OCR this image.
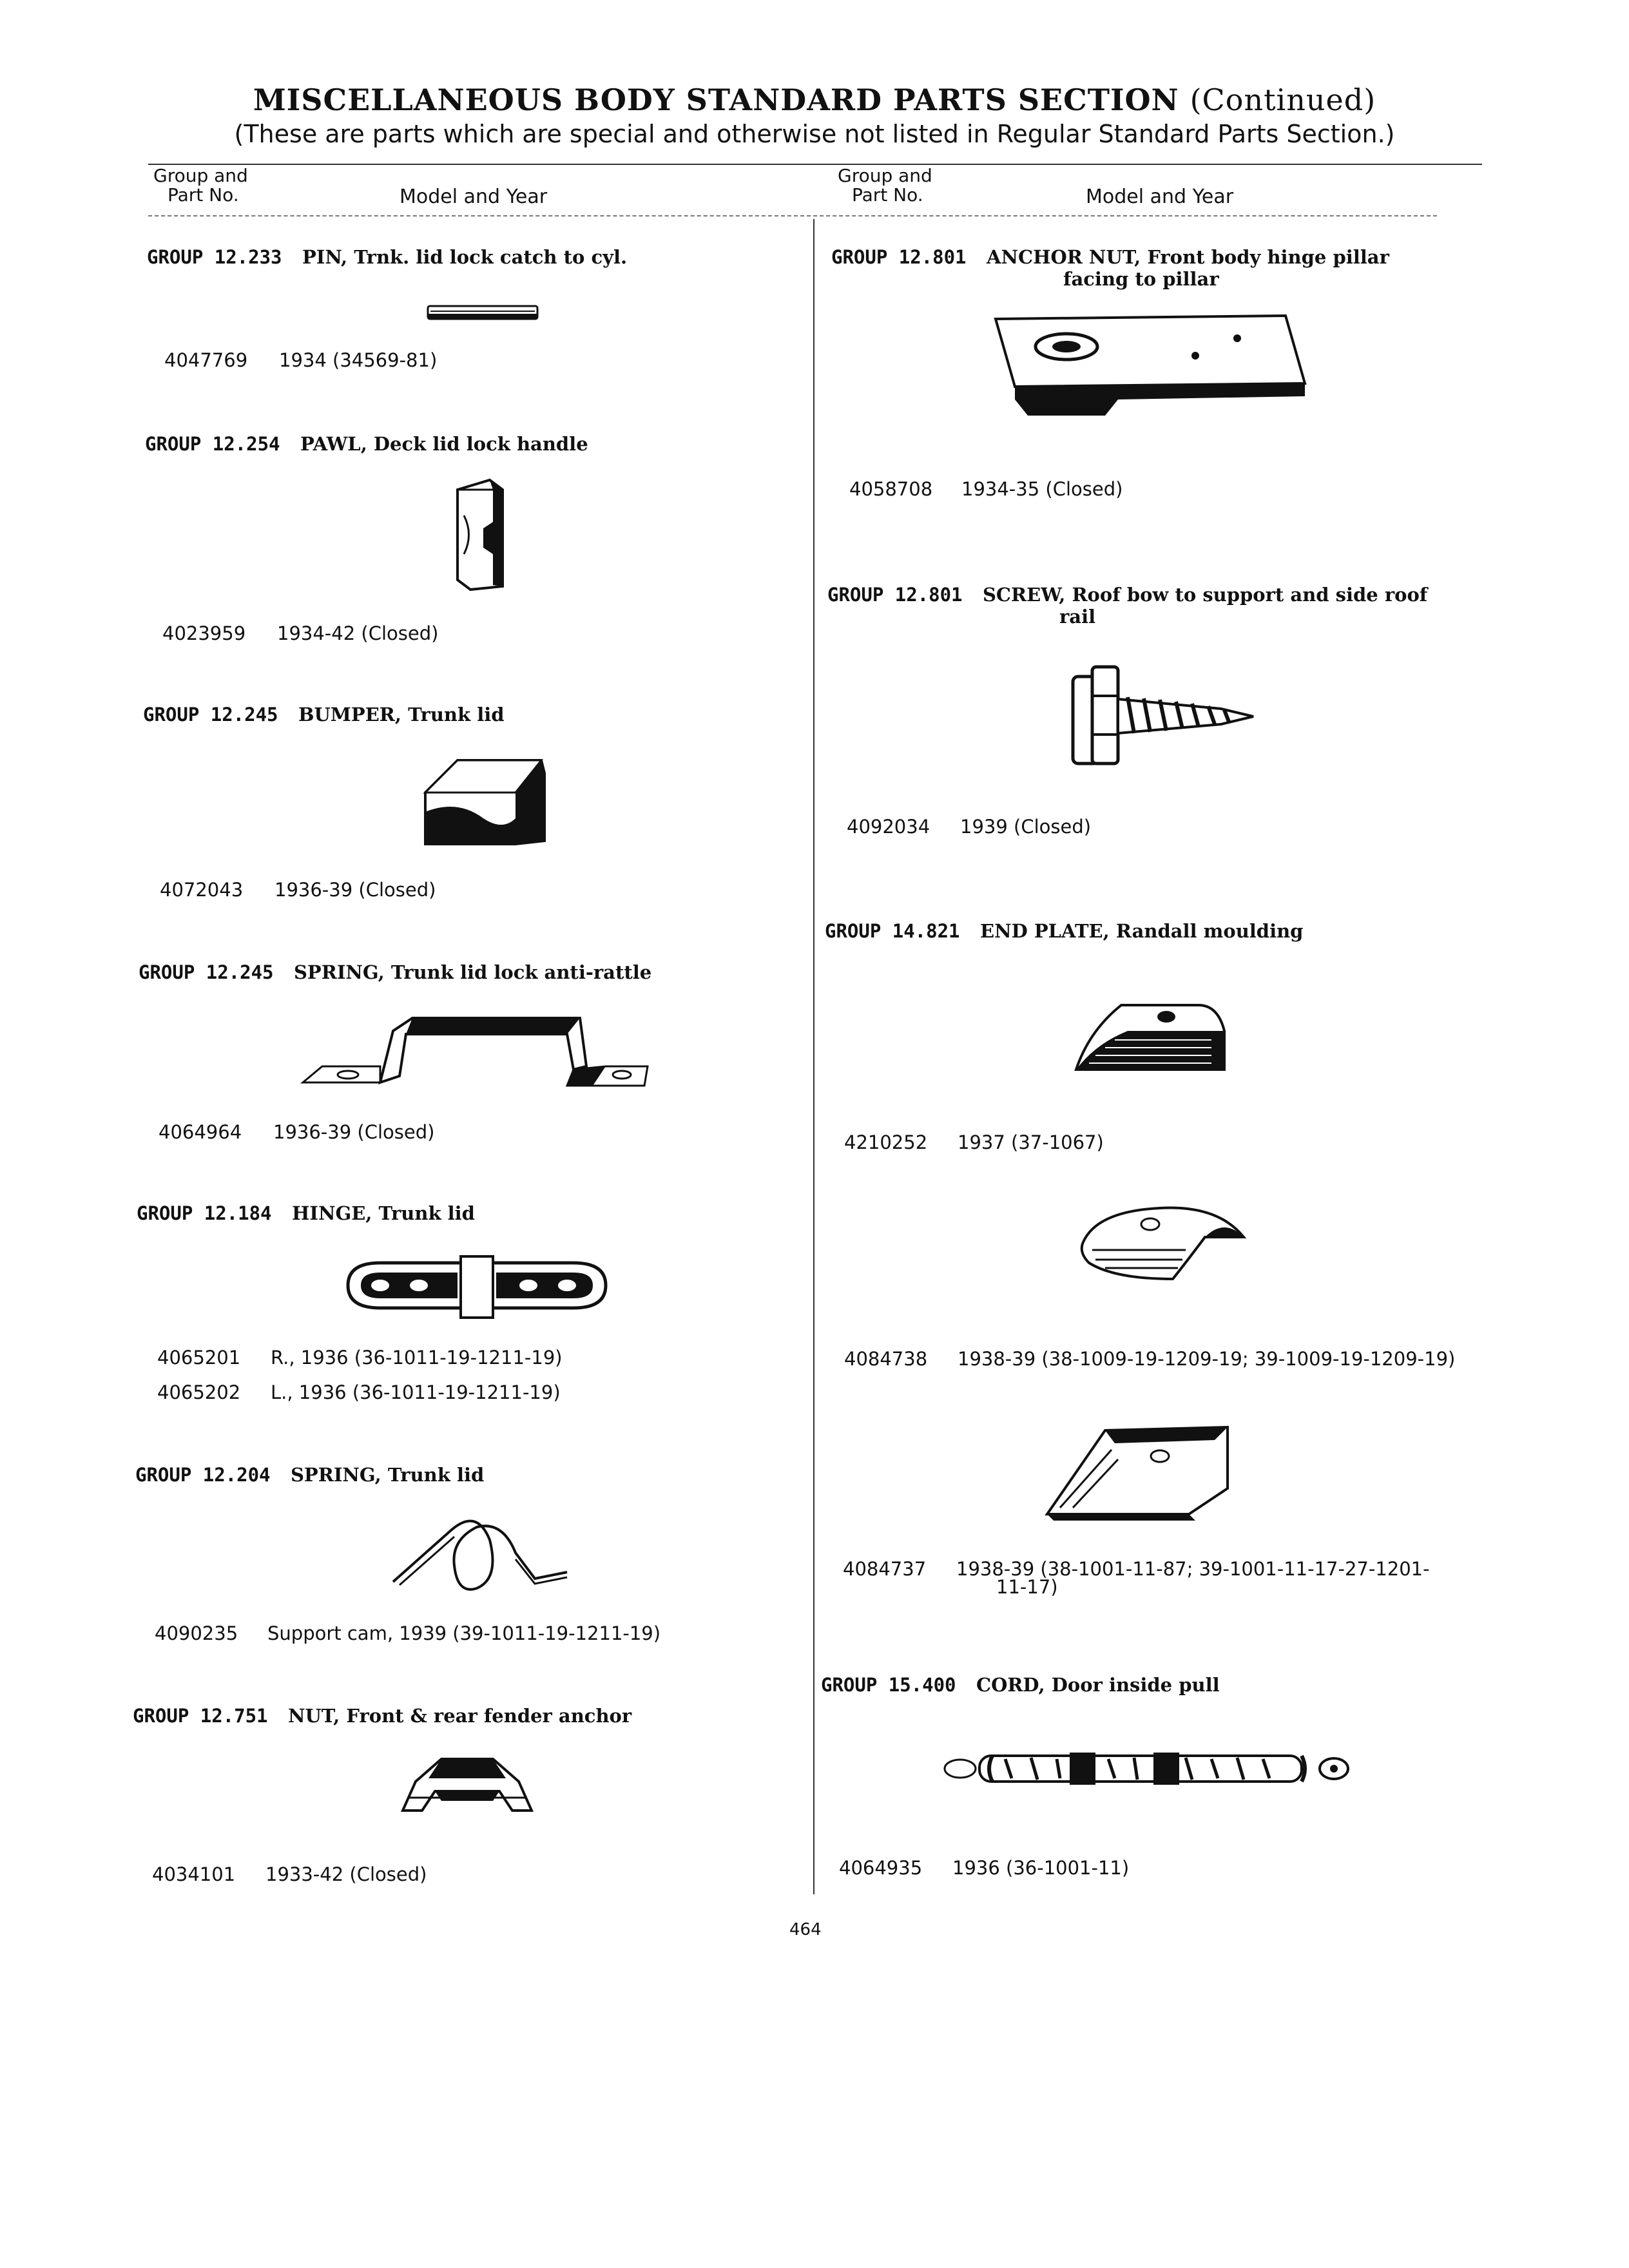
MISCELLANEOUS BODY STANDARD PARTS SECTION (Continued)
(These are parts which are special and otherwise not listed in Regular Standard Parts Section.)
Group and
Part No.	Model and Year
Group and
Part No.	Model and Year
GROUP 12.233 PIN, Trnk. lid lock catch to cyl.
4047769 1934 (34569-81)
GROUP 12.254 PAWL, Deck lid lock handle
4023959 1934-42 (Closed)
GROUP 12.245 BUMPER, Trunk lid
4072043 1936-39 (Closed)
GROUP 12.245 SPRING, Trunk lid lock anti-rattle
4064964 1936-39 (Closed)
GROUP 12.184 HINGE, Trunk lid
4065201 R., 1936 (36-1011-19-1211-19)
4065202 L., 1936 (36-1011-19-1211-19)
GROUP 12.204 SPRING, Trunk lid
4090235 Support cam, 1939 (39-1011-19-1211-19)
GROUP 12.751 NUT, Front & rear fender anchor
4034101 1933-42 (Closed)
GROUP 12.801 ANCHOR NUT, Front body hinge pillar
facing to pillar
4058708 1934-35 (Closed)
GROUP 12.801 SCREW, Roof bow to support and side roof
rail
4092034 1939 (Closed)
GROUP 14.821 END PLATE, Randall moulding
4210252 1937 (37-1067)
4084738 1938-39 (38-1009-19-1209-19; 39-1009-19-1209-19)
4084737 1938-39 (38-1001-11-87; 39-1001-11-17-27-1201-
11-17)
GROUP 15.400 CORD, Door inside pull
4064935 1936 (36-1001-11)
464
